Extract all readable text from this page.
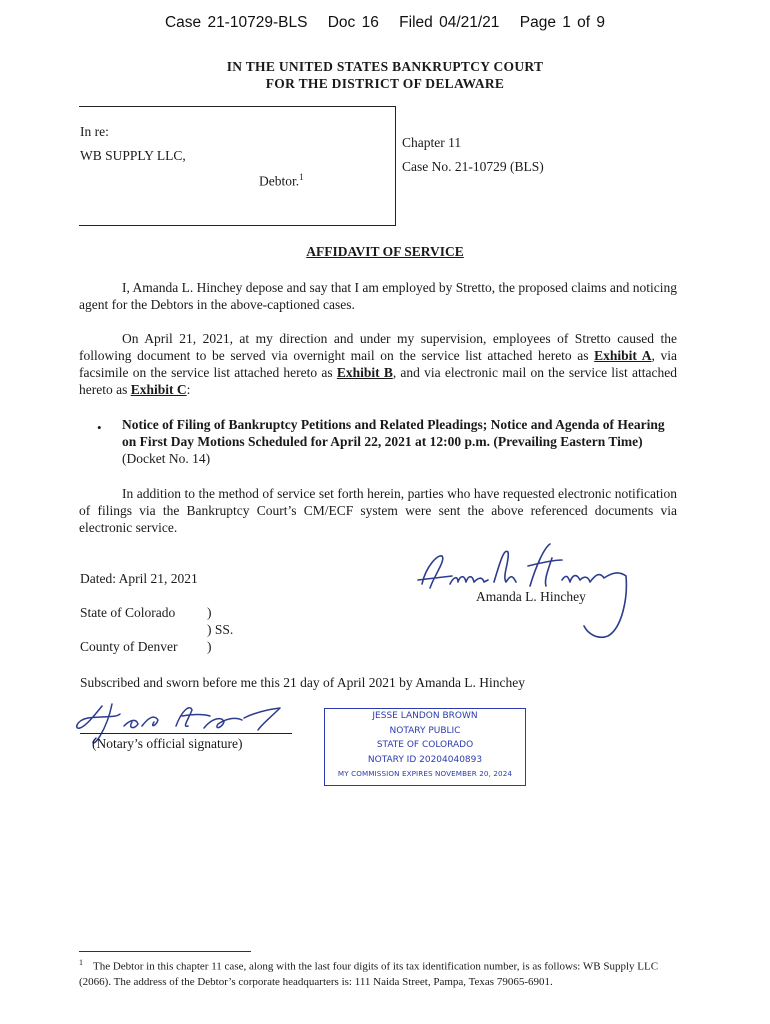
Case 21-10729-BLS Doc 16 Filed 04/21/21 Page 1 of 9
IN THE UNITED STATES BANKRUPTCY COURT
FOR THE DISTRICT OF DELAWARE
In re:
WB SUPPLY LLC,
Debtor.$^1$
Chapter 11
Case No. 21-10729 (BLS)
AFFIDAVIT OF SERVICE
I, Amanda L. Hinchey depose and say that I am employed by Stretto, the proposed claims and noticing agent for the Debtors in the above-captioned cases.
On April 21, 2021, at my direction and under my supervision, employees of Stretto caused the following document to be served via overnight mail on the service list attached hereto as Exhibit A, via facsimile on the service list attached hereto as Exhibit B, and via electronic mail on the service list attached hereto as Exhibit C:
• Notice of Filing of Bankruptcy Petitions and Related Pleadings; Notice and Agenda of Hearing on First Day Motions Scheduled for April 22, 2021 at 12:00 p.m. (Prevailing Eastern Time) (Docket No. 14)
In addition to the method of service set forth herein, parties who have requested electronic notification of filings via the Bankruptcy Court’s CM/ECF system were sent the above referenced documents via electronic service.
Dated: April 21, 2021
Amanda L. Hinchey
State of Colorado )
) SS.
County of Denver )
Subscribed and sworn before me this 21 day of April 2021 by Amanda L. Hinchey
(Notary’s official signature)
JESSE LANDON BROWN
NOTARY PUBLIC
STATE OF COLORADO
NOTARY ID 20204040893
MY COMMISSION EXPIRES NOVEMBER 20, 2024
$^1$ The Debtor in this chapter 11 case, along with the last four digits of its tax identification number, is as follows: WB Supply LLC (2066). The address of the Debtor’s corporate headquarters is: 111 Naida Street, Pampa, Texas 79065-6901.
